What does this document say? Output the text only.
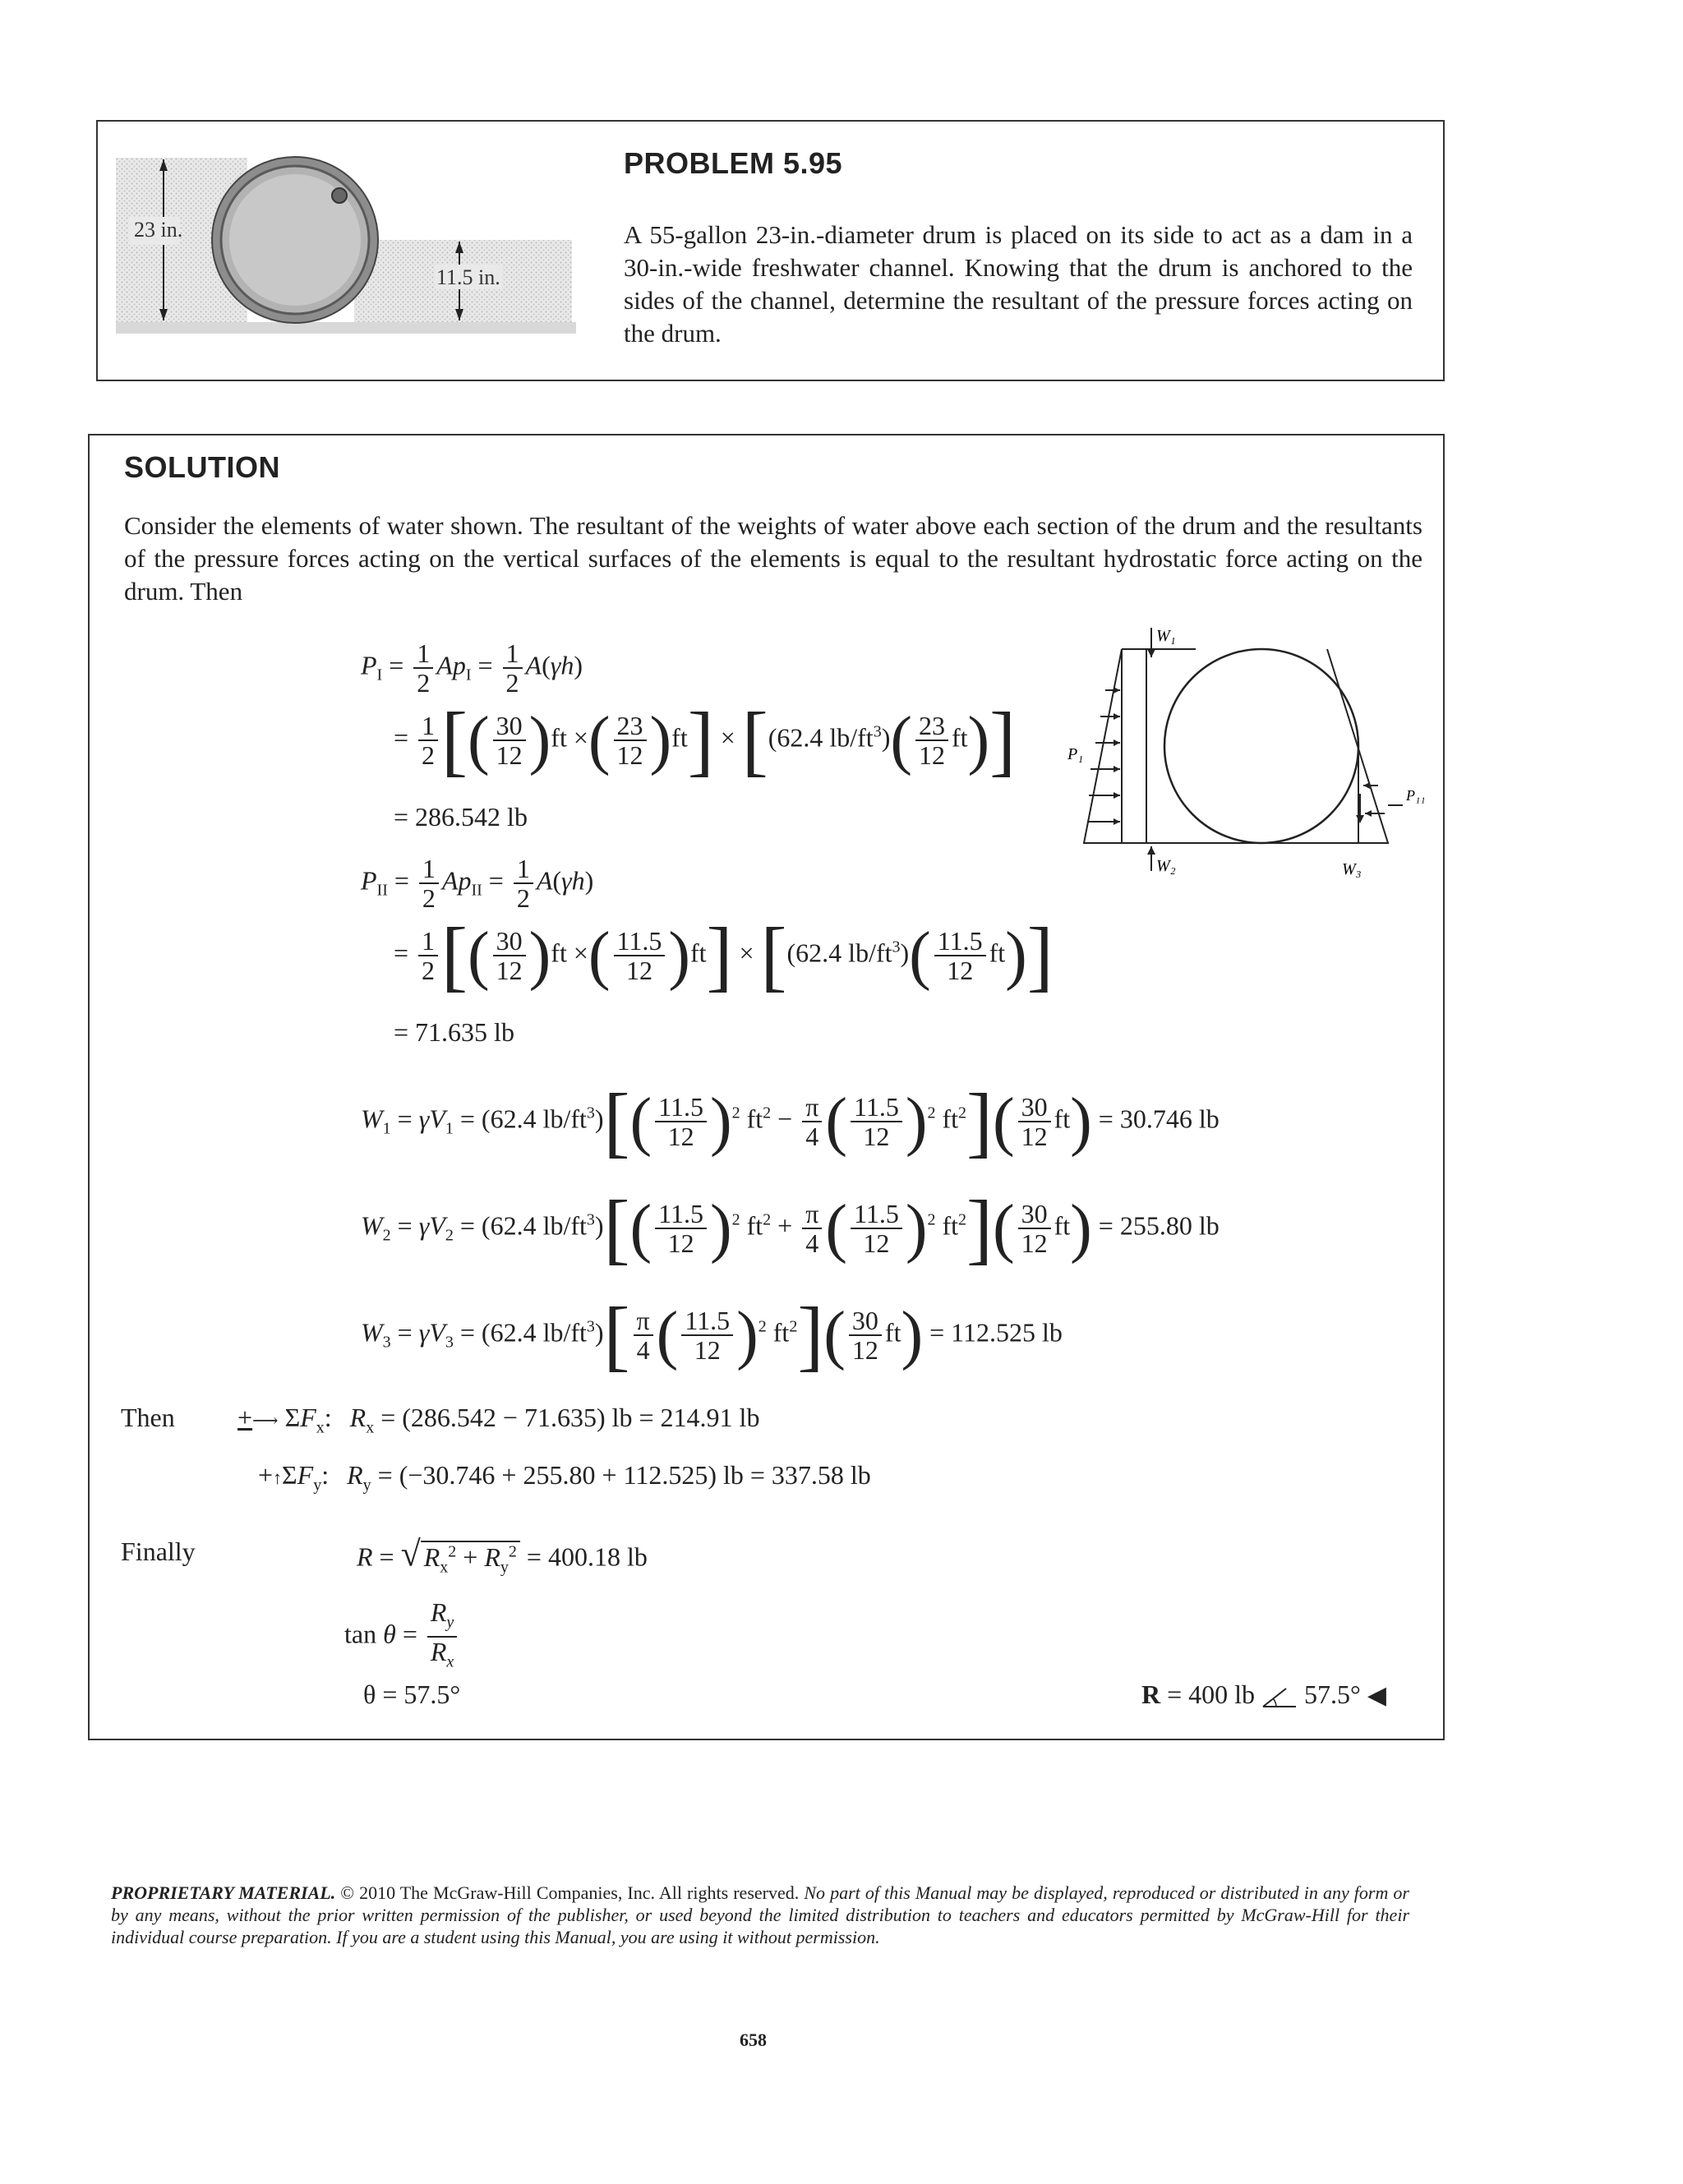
23 in.
11.5 in.
PROBLEM 5.95
A 55-gallon 23-in.-diameter drum is placed on its side to act as a dam in a 30-in.-wide freshwater channel. Knowing that the drum is anchored to the sides of the channel, determine the resultant of the pressure forces acting on the drum.
SOLUTION
Consider the elements of water shown. The resultant of the weights of water above each section of the drum and the resultants of the pressure forces acting on the vertical surfaces of the elements is equal to the resultant hydrostatic force acting on the drum. Then
$P_I = \frac{1}{2} Ap_I = \frac{1}{2} A(\gamma h)$
= $\frac{1}{2}$ [( $\frac{30}{12} )ft$ ×( $\frac{23}{12} )ft] \times [(62.4$ $lb/ft^3)( \frac{23}{12} ft)$]
= 286.542 lb
$P_{II} = \frac{1}{2} Ap_{II} = \frac{1}{2} A(\gamma h)$
= $\frac{1}{2}$ [( $\frac{30}{12} )ft$ ×( $\frac{11.5}{12} )ft] \times [(62.4$ $lb/ft^3)( \frac{11.5}{12} ft)$]
= 71.635 lb
$W_1 = \gamma V_1 = (62.4$ $lb/ft^3)[( \frac{11.5}{12} )^2$ $ft^2 - \frac{\pi}{4}$ ( $\frac{11.5}{12} )^2$ $ft^2]( \frac{30}{12} ft) = 30.746$ lb
$W_2 = \gamma V_2 = (62.4$ $lb/ft^3)[( \frac{11.5}{12} )^2$ $ft^2 + \frac{\pi}{4}$ ( $\frac{11.5}{12} )^2$ $ft^2]( \frac{30}{12} ft) = 255.80$ lb
$W_3 = \gamma V_3 = (62.4$ $lb/ft^3)[ \frac{\pi}{4}$ ( $\frac{11.5}{12} )^2$ $ft^2]( \frac{30}{12} ft) = 112.525$ lb
Then +⟶ $\Sigma F_x$: $R_x = (286.542 - 71.635)$ lb = 214.91 lb
$+↑\Sigma F_y$: $R_y = (-30.746 + 255.80 + 112.525)$ lb = 337.58 lb
Finally	R = √ $R_x^2 + R_y^2 = 400.18$ lb
$\tan \theta = \frac{R_y}{R_x}$
θ = 57.5°	R = 400 lb  57.5° ◀
W₁
W₂	W₃
P₁
P₁₁
PROPRIETARY MATERIAL. © 2010 The McGraw-Hill Companies, Inc. All rights reserved. No part of this Manual may be displayed, reproduced or distributed in any form or by any means, without the prior written permission of the publisher, or used beyond the limited distribution to teachers and educators permitted by McGraw-Hill for their individual course preparation. If you are a student using this Manual, you are using it without permission.
658
